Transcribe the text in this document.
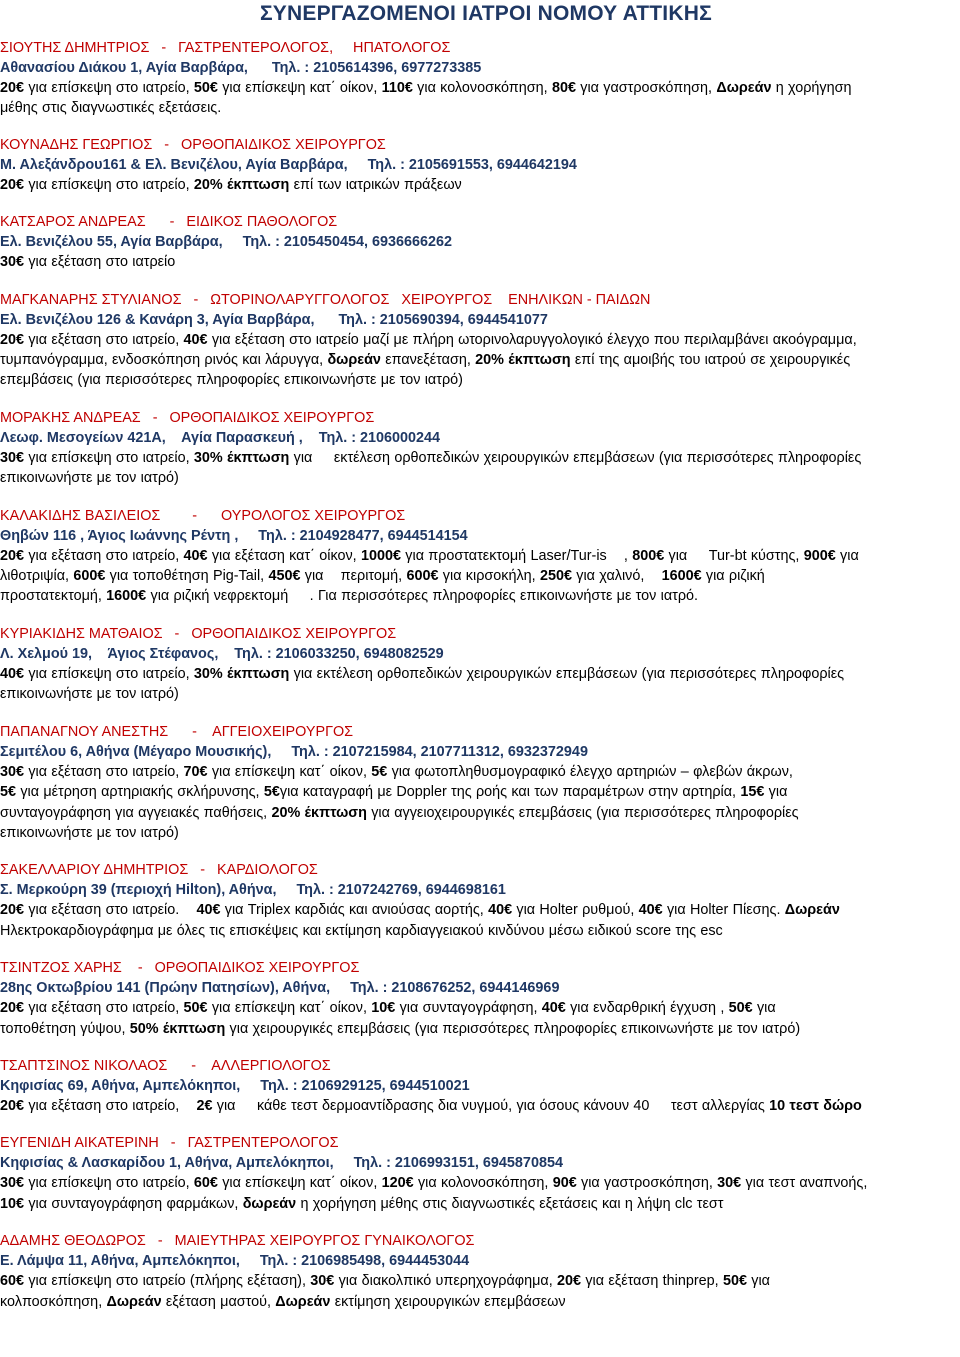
ΣΥΝΕΡΓΑΖΟΜΕΝΟΙ ΙΑΤΡΟΙ ΝΟΜΟΥ ΑΤΤΙΚΗΣ
ΣΙΟΥΤΗΣ ΔΗΜΗΤΡΙΟΣ   -   ΓΑΣΤΡΕΝΤΕΡΟΛΟΓΟΣ,     ΗΠΑΤΟΛΟΓΟΣ
Αθανασίου Διάκου 1, Αγία Βαρβάρα,      Τηλ. : 2105614396, 6977273385
20€ για επίσκεψη στο ιατρείο, 50€ για επίσκεψη κατ΄ οίκον, 110€ για κολονοσκόπηση, 80€ για γαστροσκόπηση, Δωρεάν η χορήγηση
μέθης στις διαγνωστικές εξετάσεις.
ΚΟΥΝΑΔΗΣ ΓΕΩΡΓΙΟΣ   -   ΟΡΘΟΠΑΙΔΙΚΟΣ ΧΕΙΡΟΥΡΓΟΣ
Μ. Αλεξάνδρου161 & Ελ. Βενιζέλου, Αγία Βαρβάρα,     Τηλ. : 2105691553, 6944642194
20€ για επίσκεψη στο ιατρείο, 20% έκπτωση επί των ιατρικών πράξεων
ΚΑΤΣΑΡΟΣ ΑΝΔΡΕΑΣ      -   ΕΙΔΙΚΟΣ ΠΑΘΟΛΟΓΟΣ
Ελ. Βενιζέλου 55, Αγία Βαρβάρα,     Τηλ. : 2105450454, 6936666262
30€ για εξέταση στο ιατρείο
ΜΑΓΚΑΝΑΡΗΣ ΣΤΥΛΙΑΝΟΣ   -   ΩΤΟΡΙΝΟΛΑΡΥΓΓΟΛΟΓΟΣ   ΧΕΙΡΟΥΡΓΟΣ    ΕΝΗΛΙΚΩΝ - ΠΑΙΔΩΝ
Ελ. Βενιζέλου 126 & Κανάρη 3, Αγία Βαρβάρα,      Τηλ. : 2105690394, 6944541077
20€ για εξέταση στο ιατρείο, 40€ για εξέταση στο ιατρείο μαζί με πλήρη ωτορινολαρυγγολογικό έλεγχο που περιλαμβάνει ακοόγραμμα,
τυμπανόγραμμα, ενδοσκόπηση ρινός και λάρυγγα, δωρεάν επανεξέταση, 20% έκπτωση επί της αμοιβής του ιατρού σε χειρουργικές
επεμβάσεις (για περισσότερες πληροφορίες επικοινωνήστε με τον ιατρό)
ΜΟΡΑΚΗΣ ΑΝΔΡΕΑΣ   -   ΟΡΘΟΠΑΙΔΙΚΟΣ ΧΕΙΡΟΥΡΓΟΣ
Λεωφ. Μεσογείων 421Α,    Αγία Παρασκευή ,    Τηλ. : 2106000244
30€ για επίσκεψη στο ιατρείο, 30% έκπτωση για     εκτέλεση ορθοπεδικών χειρουργικών επεμβάσεων (για περισσότερες πληροφορίες
επικοινωνήστε με τον ιατρό)
ΚΑΛΑΚΙΔΗΣ ΒΑΣΙΛΕΙΟΣ        -      ΟΥΡΟΛΟΓΟΣ ΧΕΙΡΟΥΡΓΟΣ
Θηβών 116 , Άγιος Ιωάννης Ρέντη ,     Τηλ. : 2104928477, 6944514154
20€ για εξέταση στο ιατρείο, 40€ για εξέταση κατ΄ οίκον, 1000€ για προστατεκτομή Laser/Tur-is    , 800€ για     Tur-bt κύστης, 900€ για
λιθοτριψία, 600€ για τοποθέτηση Pig-Tail, 450€ για    περιτομή, 600€ για κιρσοκήλη, 250€ για χαλινό,    1600€ για ριζική
προστατεκτομή, 1600€ για ριζική νεφρεκτομή     . Για περισσότερες πληροφορίες επικοινωνήστε με τον ιατρό.
ΚΥΡΙΑΚΙΔΗΣ ΜΑΤΘΑΙΟΣ   -   ΟΡΘΟΠΑΙΔΙΚΟΣ ΧΕΙΡΟΥΡΓΟΣ
Λ. Χελμού 19,    Άγιος Στέφανος,    Τηλ. : 2106033250, 6948082529
40€ για επίσκεψη στο ιατρείο, 30% έκπτωση για εκτέλεση ορθοπεδικών χειρουργικών επεμβάσεων (για περισσότερες πληροφορίες
επικοινωνήστε με τον ιατρό)
ΠΑΠΑΝΑΓΝΟΥ ΑΝΕΣΤΗΣ      -    ΑΓΓΕΙΟΧΕΙΡΟΥΡΓΟΣ
Σεμιτέλου 6, Αθήνα (Μέγαρο Μουσικής),     Τηλ. : 2107215984, 2107711312, 6932372949
30€ για εξέταση στο ιατρείο, 70€ για επίσκεψη κατ΄ οίκον, 5€ για φωτοπληθυσμογραφικό έλεγχο αρτηριών – φλεβών άκρων,
5€ για μέτρηση αρτηριακής σκλήρυνσης, 5€για καταγραφή με Doppler της ροής και των παραμέτρων στην αρτηρία, 15€ για
συνταγογράφηση για αγγειακές παθήσεις, 20% έκπτωση για αγγειοχειρουργικές επεμβάσεις (για περισσότερες πληροφορίες
επικοινωνήστε με τον ιατρό)
ΣΑΚΕΛΛΑΡΙΟΥ ΔΗΜΗΤΡΙΟΣ   -   ΚΑΡΔΙΟΛΟΓΟΣ
Σ. Μερκούρη 39 (περιοχή Hilton), Αθήνα,     Τηλ. : 2107242769, 6944698161
20€ για εξέταση στο ιατρείο.    40€ για Triplex καρδιάς και ανιούσας αορτής, 40€ για Holter ρυθμού, 40€ για Holter Πίεσης. Δωρεάν
Ηλεκτροκαρδιογράφημα με όλες τις επισκέψεις και εκτίμηση καρδιαγγειακού κινδύνου μέσω ειδικού score της esc
ΤΣΙΝΤΖΟΣ ΧΑΡΗΣ    -   ΟΡΘΟΠΑΙΔΙΚΟΣ ΧΕΙΡΟΥΡΓΟΣ
28ης Οκτωβρίου 141 (Πρώην Πατησίων), Αθήνα,     Τηλ. : 2108676252, 6944146969
20€ για εξέταση στο ιατρείο, 50€ για επίσκεψη κατ΄ οίκον, 10€ για συνταγογράφηση, 40€ για ενδαρθρική έγχυση , 50€ για
τοποθέτηση γύψου, 50% έκπτωση για χειρουργικές επεμβάσεις (για περισσότερες πληροφορίες επικοινωνήστε με τον ιατρό)
ΤΣΑΠΤΣΙΝΟΣ ΝΙΚΟΛΑΟΣ      -    ΑΛΛΕΡΓΙΟΛΟΓΟΣ
Κηφισίας 69, Αθήνα, Αμπελόκηποι,     Τηλ. : 2106929125, 6944510021
20€ για εξέταση στο ιατρείο,    2€ για     κάθε τεστ δερμοαντίδρασης δια νυγμού, για όσους κάνουν 40     τεστ αλλεργίας 10 τεστ δώρο
ΕΥΓΕΝΙΔΗ ΑΙΚΑΤΕΡΙΝΗ   -   ΓΑΣΤΡΕΝΤΕΡΟΛΟΓΟΣ
Κηφισίας & Λασκαρίδου 1, Αθήνα, Αμπελόκηποι,     Τηλ. : 2106993151, 6945870854
30€ για επίσκεψη στο ιατρείο, 60€ για επίσκεψη κατ΄ οίκον, 120€ για κολονοσκόπηση, 90€ για γαστροσκόπηση, 30€ για τεστ αναπνοής,
10€ για συνταγογράφηση φαρμάκων, δωρεάν η χορήγηση μέθης στις διαγνωστικές εξετάσεις και η λήψη clc τεστ
ΑΔΑΜΗΣ ΘΕΟΔΩΡΟΣ   -   ΜΑΙΕΥΤΗΡΑΣ ΧΕΙΡΟΥΡΓΟΣ ΓΥΝΑΙΚΟΛΟΓΟΣ
Ε. Λάμψα 11, Αθήνα, Αμπελόκηποι,     Τηλ. : 2106985498, 6944453044
60€ για επίσκεψη στο ιατρείο (πλήρης εξέταση), 30€ για διακολπικό υπερηχογράφημα, 20€ για εξέταση thinprep, 50€ για
κολποσκόπηση, Δωρεάν εξέταση μαστού, Δωρεάν εκτίμηση χειρουργικών επεμβάσεων
